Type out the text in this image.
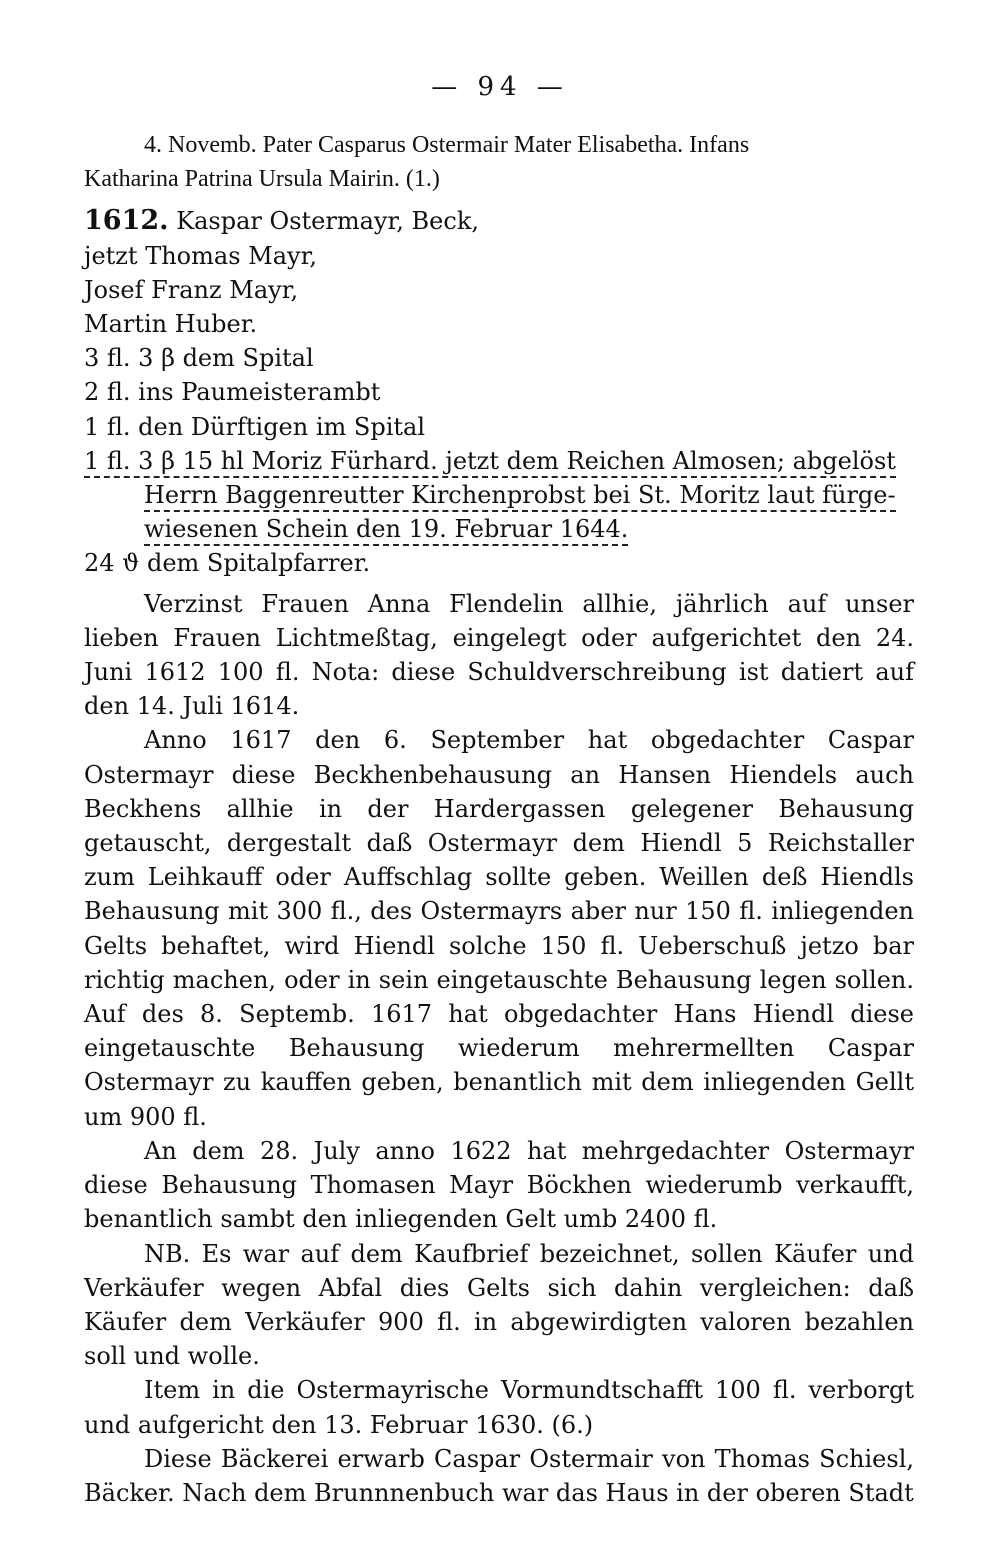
— 94 —

4. Novemb. Pater Casparus Ostermair Mater Elisabetha. Infans

Katharina Patrina Ursula Mairin. (1.)

1612. Kaspar Ostermayr, Beck,
jetzt Thomas Mayr,
Josef Franz Mayr,
Martin Huber.
3 fl. 3 β dem Spital
2 fl. ins Paumeisterambt
1 fl. den Dürftigen im Spital
1 fl. 3 β 15 hl Moriz Fürhard. jetzt dem Reichen Almosen; abgelöst
Herrn Baggenreutter Kirchenprobst bei St. Moritz laut fürge-
wiesenen Schein den 19. Februar 1644.
24 ϑ dem Spitalpfarrer.

Verzinst Frauen Anna Flendelin allhie, jährlich auf unser lieben Frauen Lichtmeßtag, eingelegt oder aufgerichtet den 24. Juni 1612 100 fl. Nota: diese Schuldverschreibung ist datiert auf den 14. Juli 1614.

Anno 1617 den 6. September hat obgedachter Caspar Ostermayr diese Beckhenbehausung an Hansen Hiendels auch Beckhens allhie in der Hardergassen gelegener Behausung getauscht, dergestalt daß Ostermayr dem Hiendl 5 Reichstaller zum Leihkauff oder Auffschlag sollte geben. Weillen deß Hiendls Behausung mit 300 fl., des Ostermayrs aber nur 150 fl. inliegenden Gelts behaftet, wird Hiendl solche 150 fl. Ueberschuß jetzo bar richtig machen, oder in sein eingetauschte Behausung legen sollen. Auf des 8. Septemb. 1617 hat obgedachter Hans Hiendl diese eingetauschte Behausung wiederum mehrermellten Caspar Ostermayr zu kauffen geben, benantlich mit dem inliegenden Gellt um 900 fl.

An dem 28. July anno 1622 hat mehrgedachter Ostermayr diese Behausung Thomasen Mayr Böckhen wiederumb verkaufft, benantlich sambt den inliegenden Gelt umb 2400 fl.

NB. Es war auf dem Kaufbrief bezeichnet, sollen Käufer und Verkäufer wegen Abfal dies Gelts sich dahin vergleichen: daß Käufer dem Verkäufer 900 fl. in abgewirdigten valoren bezahlen soll und wolle.

Item in die Ostermayrische Vormundtschafft 100 fl. verborgt und aufgericht den 13. Februar 1630. (6.)

Diese Bäckerei erwarb Caspar Ostermair von Thomas Schiesl, Bäcker. Nach dem Brunnnenbuch war das Haus in der oberen Stadt
